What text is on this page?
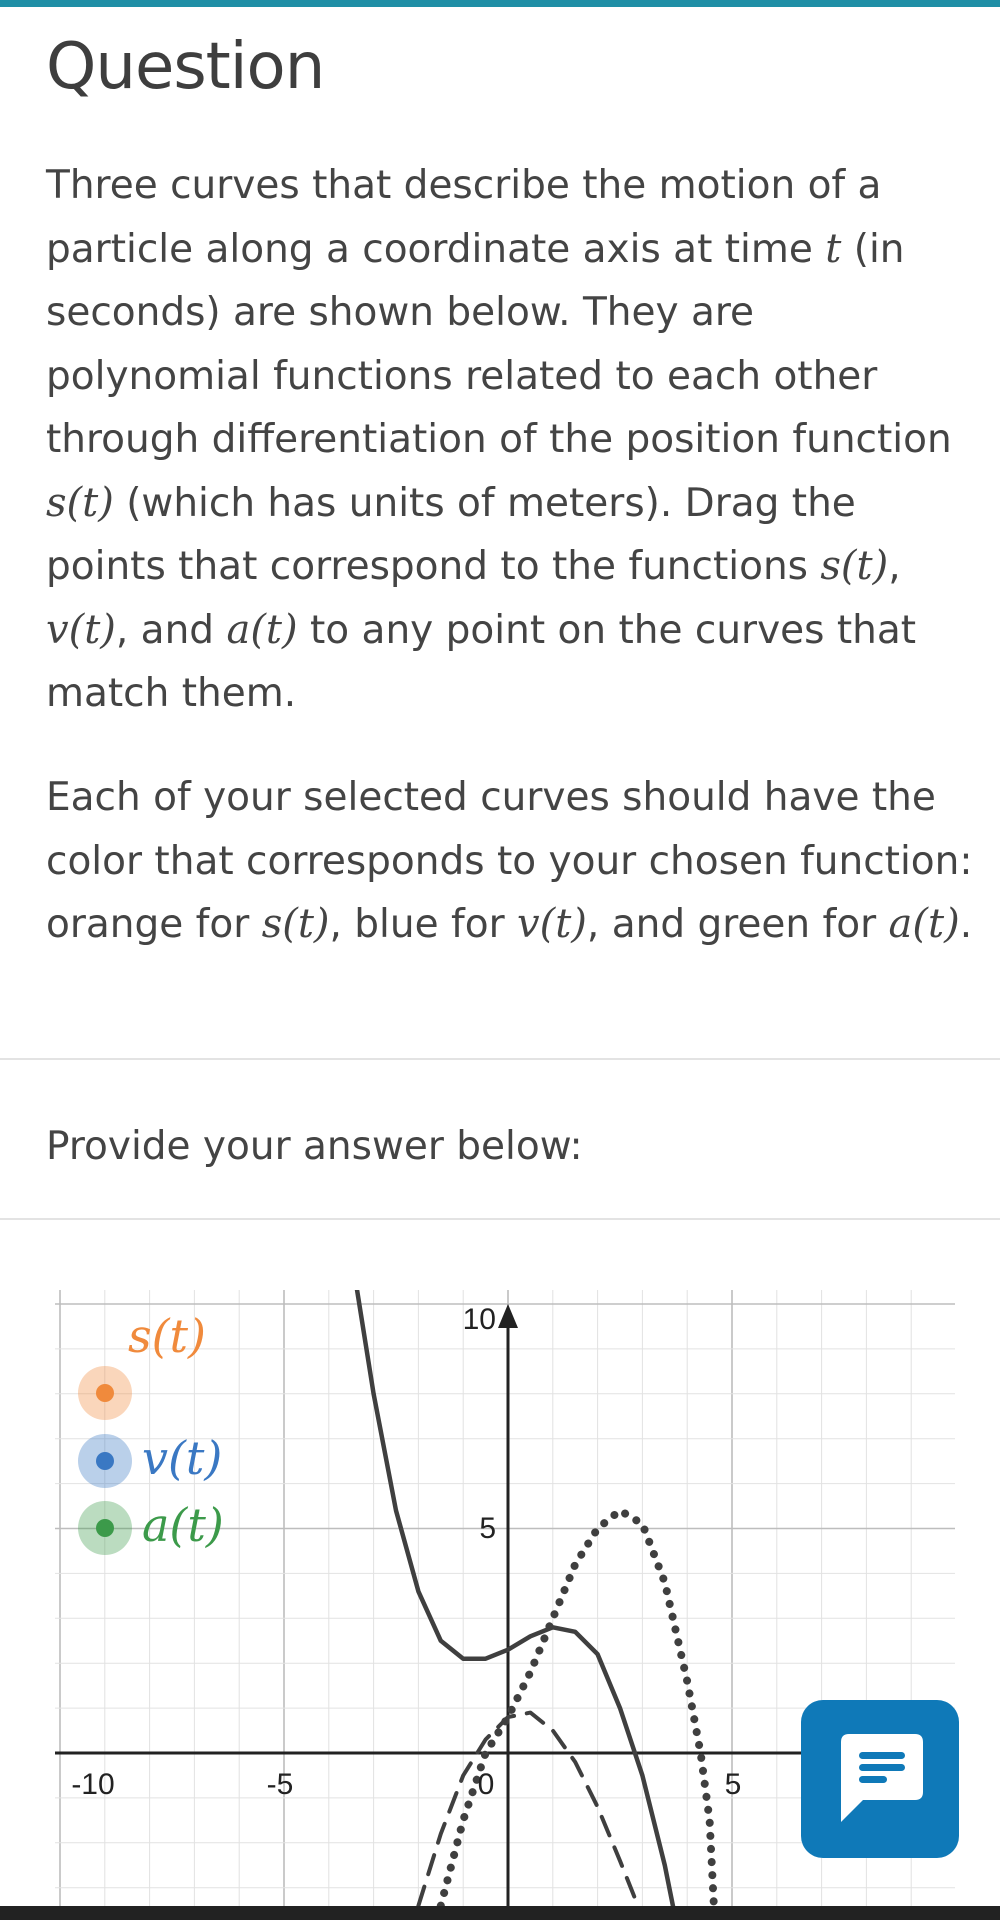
Question
Three curves that describe the motion of a particle along a coordinate axis at time t (in seconds) are shown below. They are polynomial functions related to each other through differentiation of the position function s(t) (which has units of meters). Drag the points that correspond to the functions s(t), v(t), and a(t) to any point on the curves that match them.
Each of your selected curves should have the color that corresponds to your chosen function: orange for s(t), blue for v(t), and green for a(t).
Provide your answer below:
-10	-5	0	5
10
5
s(t)
v(t)
a(t)
